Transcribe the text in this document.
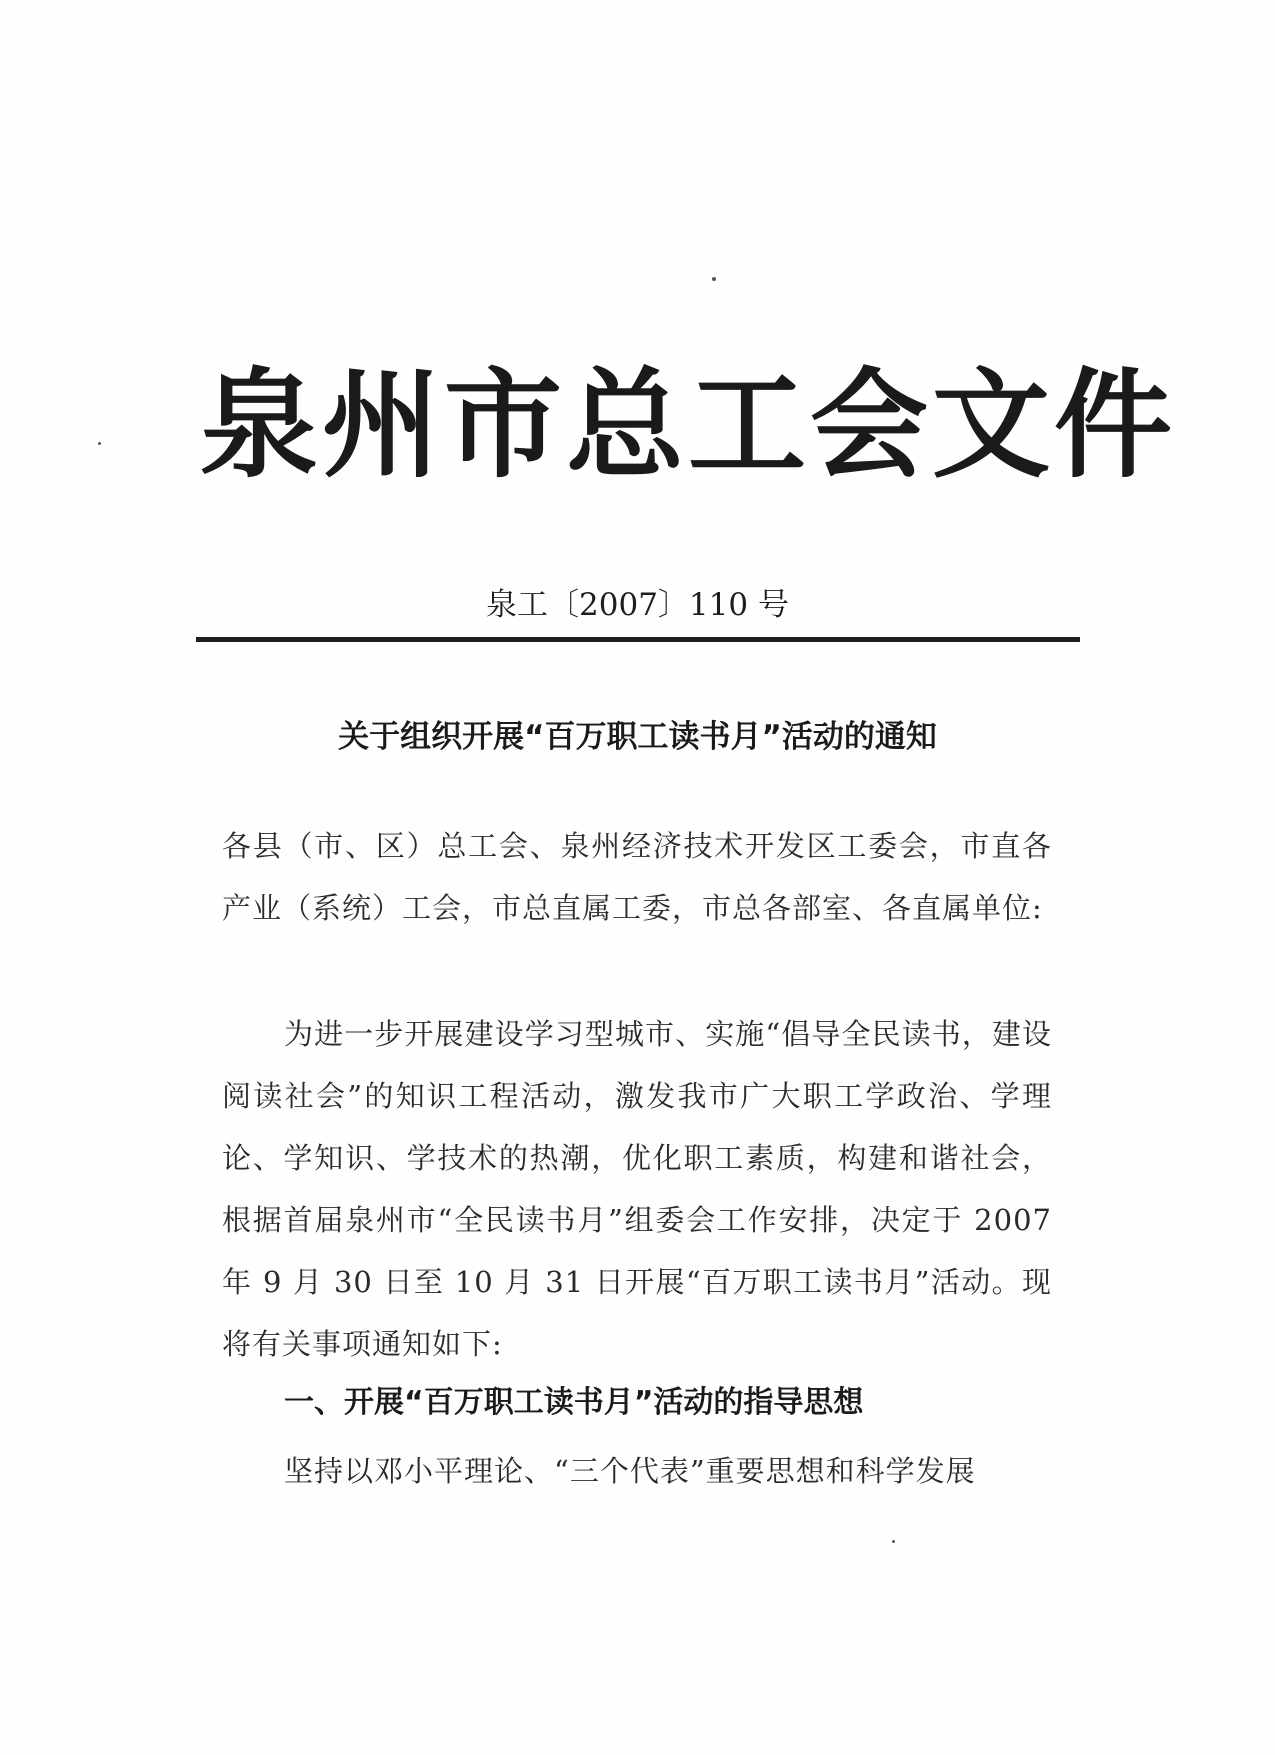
泉州市总工会文件
泉工〔2007〕110 号
关于组织开展“百万职工读书月”活动的通知

各县（市、区）总工会、泉州经济技术开发区工委会，市直各产业（系统）工会，市总直属工委，市总各部室、各直属单位:

为进一步开展建设学习型城市、实施“倡导全民读书，建设阅读社会”的知识工程活动，激发我市广大职工学政治、学理论、学知识、学技术的热潮，优化职工素质，构建和谐社会，根据首届泉州市“全民读书月”组委会工作安排，决定于 2007 年 9 月 30 日至 10 月 31 日开展“百万职工读书月”活动。现将有关事项通知如下:

一、开展“百万职工读书月”活动的指导思想

坚持以邓小平理论、“三个代表”重要思想和科学发展
